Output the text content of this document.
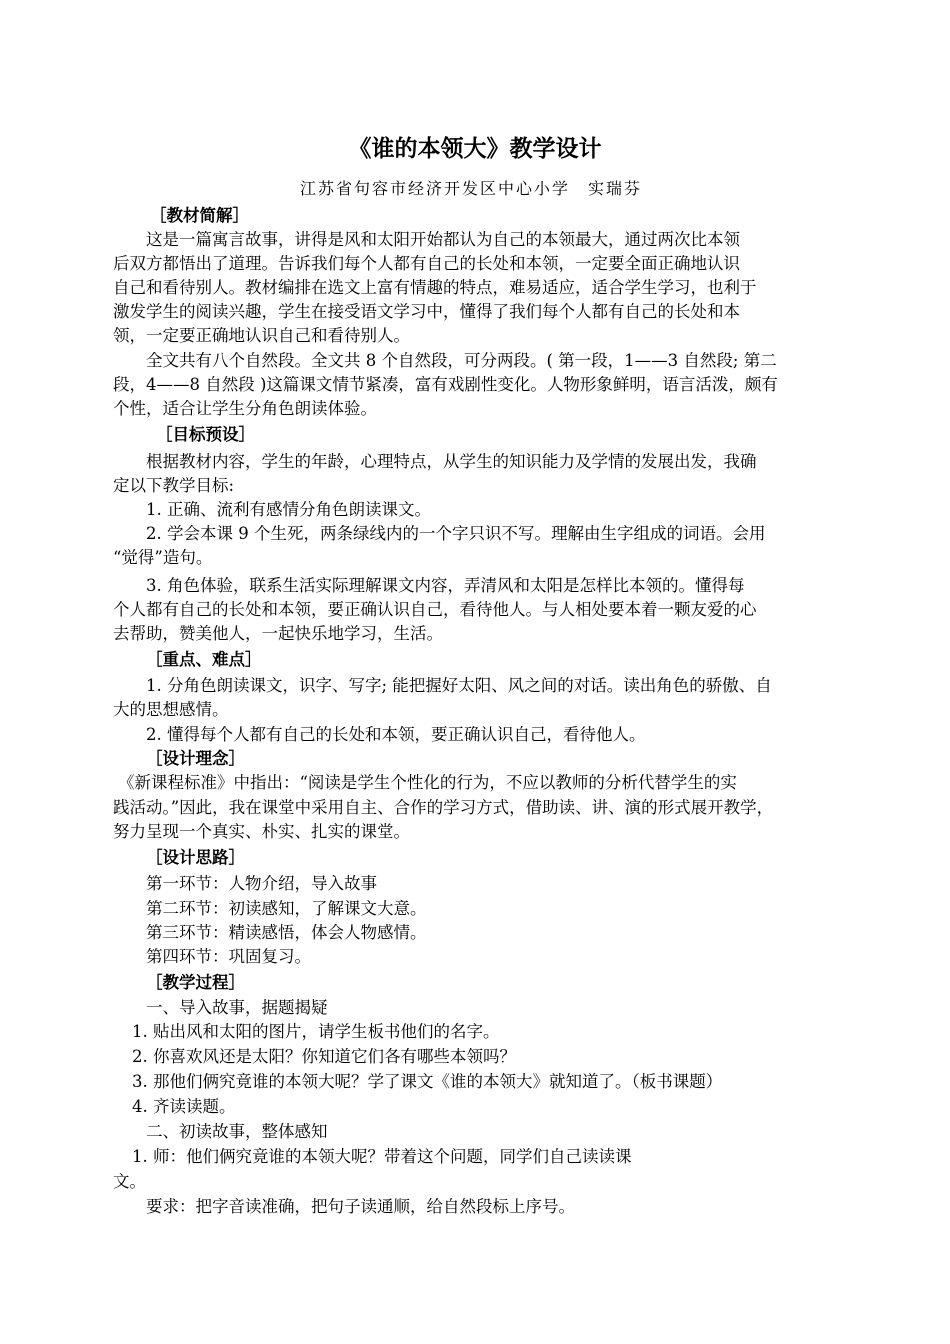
《谁的本领大》教学设计
江苏省句容市经济开发区中心小学　实瑞芬
［教材简解］
这是一篇寓言故事，讲得是风和太阳开始都认为自己的本领最大，通过两次比本领
后双方都悟出了道理。告诉我们每个人都有自己的长处和本领，一定要全面正确地认识
自己和看待别人。教材编排在选文上富有情趣的特点，难易适应，适合学生学习，也利于
激发学生的阅读兴趣，学生在接受语文学习中，懂得了我们每个人都有自己的长处和本
领，一定要正确地认识自己和看待别人。
全文共有八个自然段。全文共 8 个自然段，可分两段。( 第一段，1——3 自然段; 第二
段，4——8 自然段 )这篇课文情节紧凑，富有戏剧性变化。人物形象鲜明，语言活泼，颇有
个性，适合让学生分角色朗读体验。
［目标预设］
根据教材内容，学生的年龄，心理特点，从学生的知识能力及学情的发展出发，我确
定以下教学目标:
1. 正确、流利有感情分角色朗读课文。
2. 学会本课 9 个生死，两条绿线内的一个字只识不写。理解由生字组成的词语。会用
“觉得”造句。
3. 角色体验，联系生活实际理解课文内容，弄清风和太阳是怎样比本领的。懂得每
个人都有自己的长处和本领，要正确认识自己，看待他人。与人相处要本着一颗友爱的心
去帮助，赞美他人，一起快乐地学习，生活。
［重点、难点］
1. 分角色朗读课文，识字、写字; 能把握好太阳、风之间的对话。读出角色的骄傲、自
大的思想感情。
2. 懂得每个人都有自己的长处和本领，要正确认识自己，看待他人。
［设计理念］
《新课程标准》中指出：“阅读是学生个性化的行为，不应以教师的分析代替学生的实
践活动。”因此，我在课堂中采用自主、合作的学习方式，借助读、讲、演的形式展开教学，
努力呈现一个真实、朴实、扎实的课堂。
［设计思路］
第一环节：人物介绍，导入故事
第二环节：初读感知，了解课文大意。
第三环节：精读感悟，体会人物感情。
第四环节：巩固复习。
［教学过程］
一、导入故事，据题揭疑
1. 贴出风和太阳的图片，请学生板书他们的名字。
2. 你喜欢风还是太阳？你知道它们各有哪些本领吗？
3. 那他们俩究竟谁的本领大呢？学了课文《谁的本领大》就知道了。（板书课题）
4. 齐读读题。
二、初读故事，整体感知
1. 师：他们俩究竟谁的本领大呢？带着这个问题，同学们自己读读课
文。
要求：把字音读准确，把句子读通顺，给自然段标上序号。
